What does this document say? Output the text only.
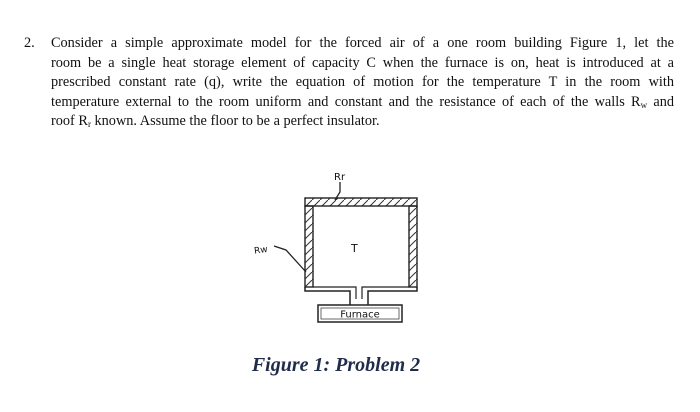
2.	Consider a simple approximate model for the forced air of a one room building Figure 1, let the
room be a single heat storage element of capacity C when the furnace is on, heat is introduced at a
prescribed constant rate (q), write the equation of motion for the temperature T in the room with
temperature external to the room uniform and constant and the resistance of each of the walls $R_w$ and
roof $R_r$ known. Assume the floor to be a perfect insulator.
Furnace
Rr
Rw	T
Figure 1: Problem 2
